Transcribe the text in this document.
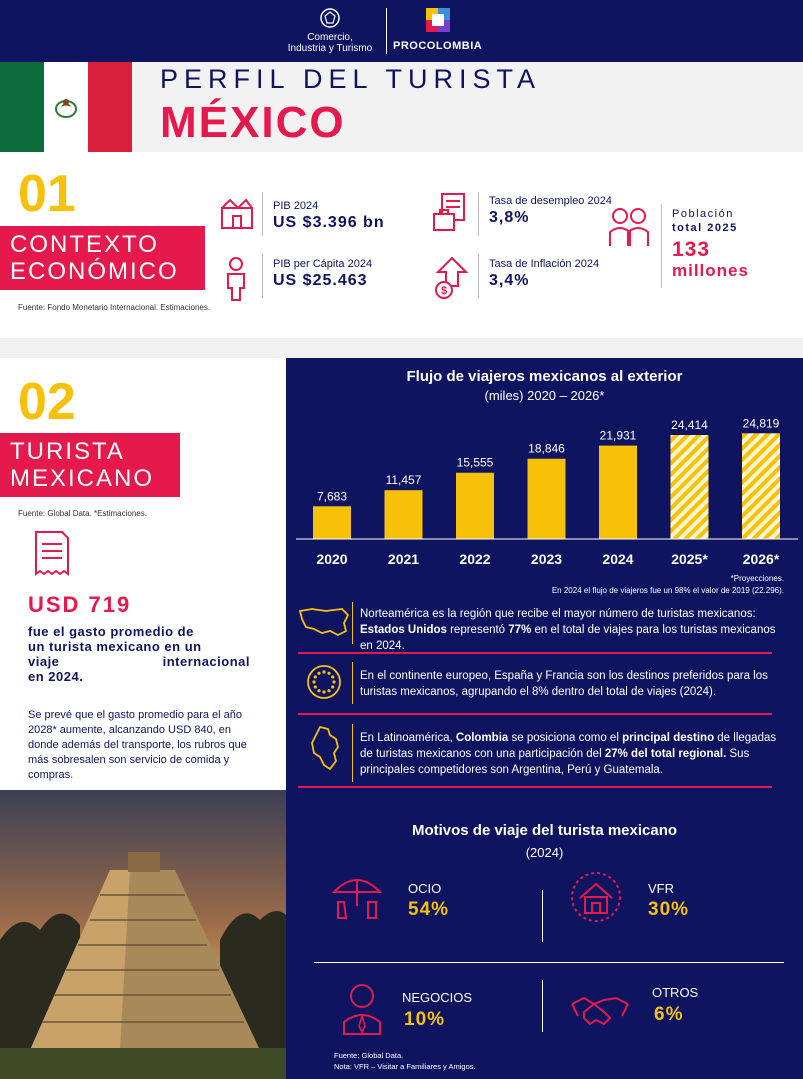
Comercio,
Industria y Turismo	PROCOLOMBIA
PERFIL DEL TURISTA
MÉXICO
01
CONTEXTO
ECONÓMICO
Fuente: Fondo Monetario Internacional. Estimaciones.
PIB 2024
US $3.396 bn
PIB per Cápita 2024
US $25.463
Tasa de desempleo 2024
3,8%
$
Tasa de Inflación 2024
3,4%
Población
total 2025
133
millones
02
TURISTA
MEXICANO
Fuente: Global Data. *Estimaciones.
USD 719
fue el gasto promedio de
un turista mexicano en un
viaje	internacional
en 2024.
Se prevé que el gasto promedio para el año 2028* aumente, alcanzando USD 840, en donde además del transporte, los rubros que más sobresalen son servicio de comida y compras.
Flujo de viajeros mexicanos al exterior
(miles) 2020 – 2026*
7,683
11,457
15,555
18,846
21,931
24,414	24,819
2020	2021	2022	2023	2024	2025* 2026*
*Proyecciones.
En 2024 el flujo de viajeros fue un 98% el valor de 2019 (22.296).
Norteamérica es la región que recibe el mayor número de turistas mexicanos: Estados Unidos representó 77% en el total de viajes para los turistas mexicanos en 2024.
En el continente europeo, España y Francia son los destinos preferidos para los turistas mexicanos, agrupando el 8% dentro del total de viajes (2024).
En Latinoamérica, Colombia se posiciona como el principal destino de llegadas de turistas mexicanos con una participación del 27% del total regional. Sus principales competidores son Argentina, Perú y Guatemala.
Motivos de viaje del turista mexicano
(2024)
OCIO
54%
VFR
30%
NEGOCIOS
10%
OTROS
6%
Fuente: Global Data.
Nota: VFR – Visitar a Familiares y Amigos.
